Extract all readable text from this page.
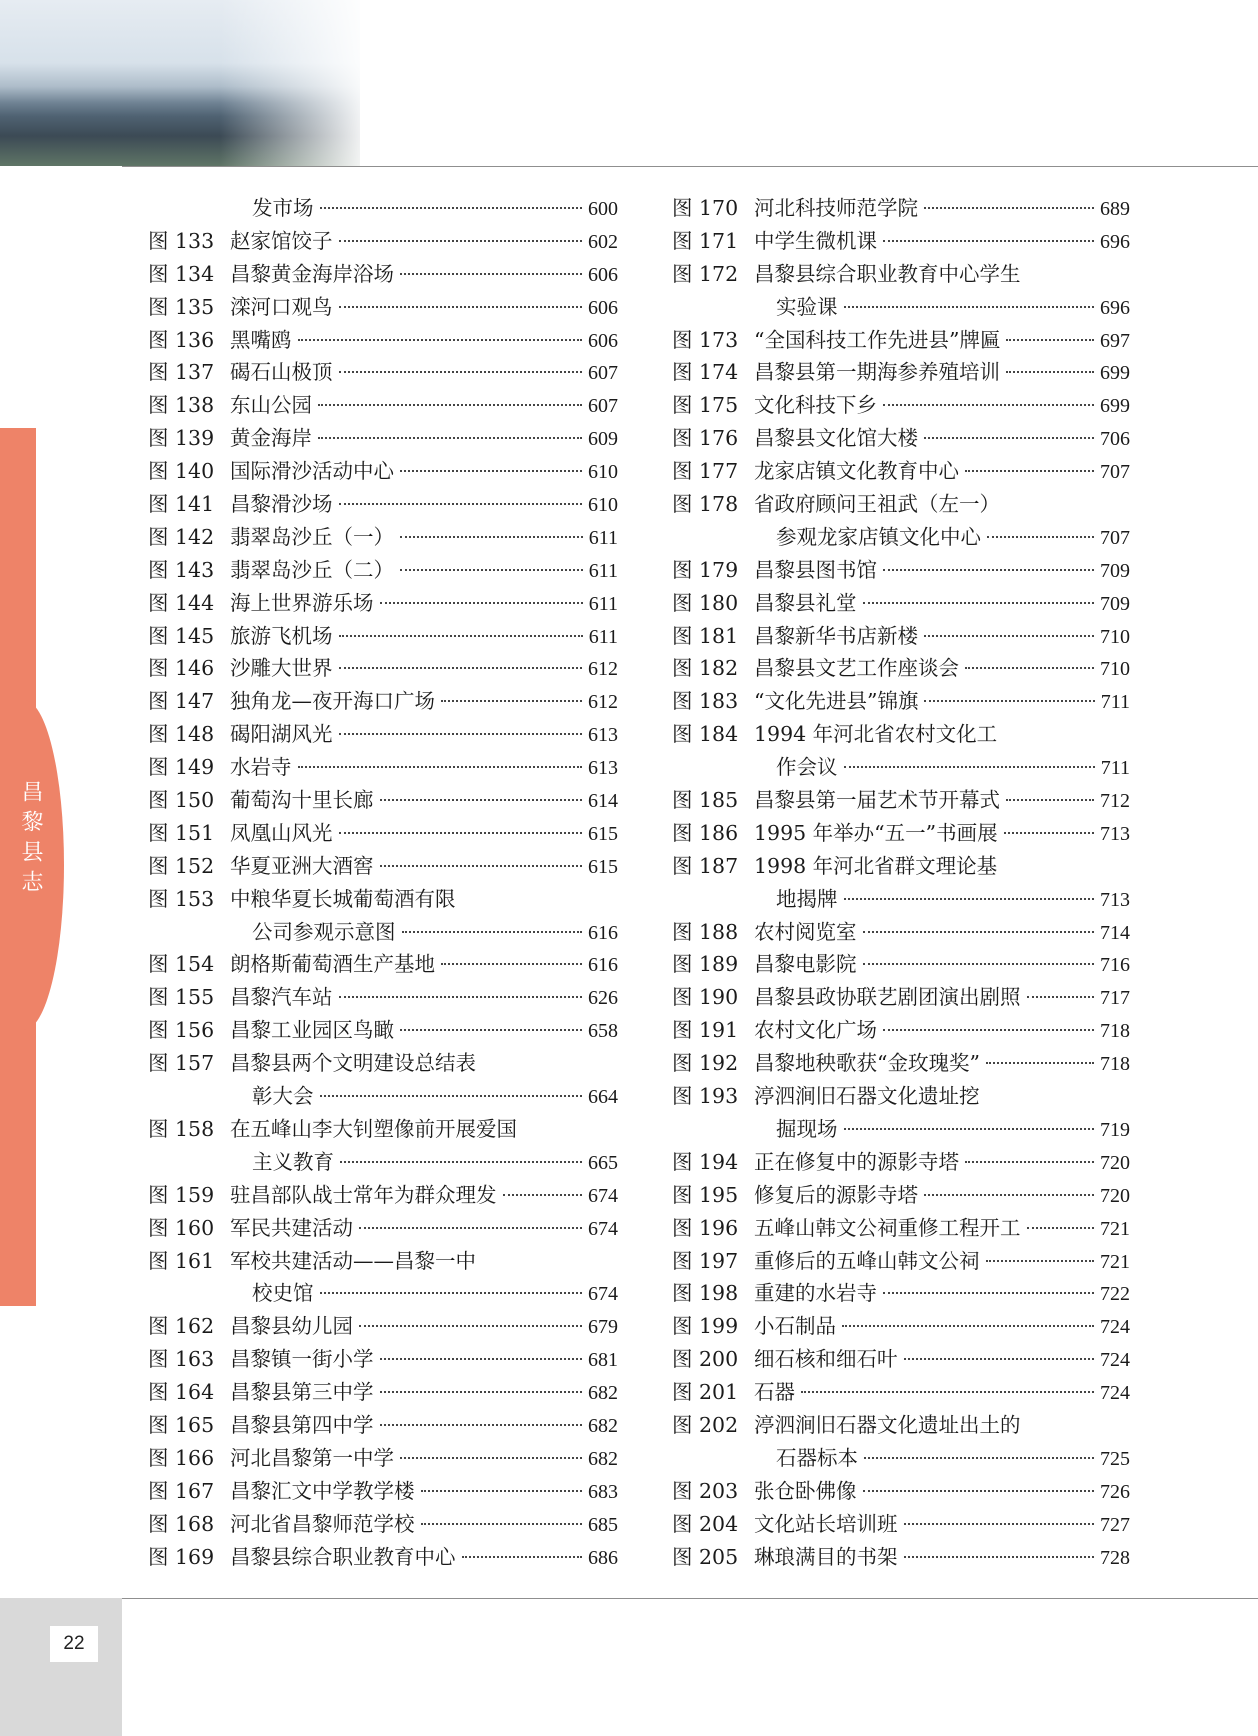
昌黎县志
发市场	600
图 133 赵家馆饺子	602
图 134 昌黎黄金海岸浴场	606
图 135 滦河口观鸟	606
图 136 黑嘴鸥	606
图 137 碣石山极顶	607
图 138 东山公园	607
图 139 黄金海岸	609
图 140 国际滑沙活动中心	610
图 141 昌黎滑沙场	610
图 142 翡翠岛沙丘（一）	611
图 143 翡翠岛沙丘（二）	611
图 144 海上世界游乐场	611
图 145 旅游飞机场	611
图 146 沙雕大世界	612
图 147 独角龙—夜开海口广场	612
图 148 碣阳湖风光	613
图 149 水岩寺	613
图 150 葡萄沟十里长廊	614
图 151 凤凰山风光	615
图 152 华夏亚洲大酒窖	615
图 153 中粮华夏长城葡萄酒有限
公司参观示意图	616
图 154 朗格斯葡萄酒生产基地	616
图 155 昌黎汽车站	626
图 156 昌黎工业园区鸟瞰	658
图 157 昌黎县两个文明建设总结表
彰大会	664
图 158 在五峰山李大钊塑像前开展爱国
主义教育	665
图 159 驻昌部队战士常年为群众理发	674
图 160 军民共建活动	674
图 161 军校共建活动——昌黎一中
校史馆	674
图 162 昌黎县幼儿园	679
图 163 昌黎镇一街小学	681
图 164 昌黎县第三中学	682
图 165 昌黎县第四中学	682
图 166 河北昌黎第一中学	682
图 167 昌黎汇文中学教学楼	683
图 168 河北省昌黎师范学校	685
图 169 昌黎县综合职业教育中心	686
图 170 河北科技师范学院	689
图 171 中学生微机课	696
图 172 昌黎县综合职业教育中心学生
实验课	696
图 173 “全国科技工作先进县”牌匾	697
图 174 昌黎县第一期海参养殖培训	699
图 175 文化科技下乡	699
图 176 昌黎县文化馆大楼	706
图 177 龙家店镇文化教育中心	707
图 178 省政府顾问王祖武（左一）
参观龙家店镇文化中心	707
图 179 昌黎县图书馆	709
图 180 昌黎县礼堂	709
图 181 昌黎新华书店新楼	710
图 182 昌黎县文艺工作座谈会	710
图 183 “文化先进县”锦旗	711
图 184 1994 年河北省农村文化工
作会议	711
图 185 昌黎县第一届艺术节开幕式	712
图 186 1995 年举办“五一”书画展	713
图 187 1998 年河北省群文理论基
地揭牌	713
图 188 农村阅览室	714
图 189 昌黎电影院	716
图 190 昌黎县政协联艺剧团演出剧照	717
图 191 农村文化广场	718
图 192 昌黎地秧歌获“金玫瑰奖”	718
图 193 渟泗涧旧石器文化遗址挖
掘现场	719
图 194 正在修复中的源影寺塔	720
图 195 修复后的源影寺塔	720
图 196 五峰山韩文公祠重修工程开工	721
图 197 重修后的五峰山韩文公祠	721
图 198 重建的水岩寺	722
图 199 小石制品	724
图 200 细石核和细石叶	724
图 201 石器	724
图 202 渟泗涧旧石器文化遗址出土的
石器标本	725
图 203 张仓卧佛像	726
图 204 文化站长培训班	727
图 205 琳琅满目的书架	728
22
